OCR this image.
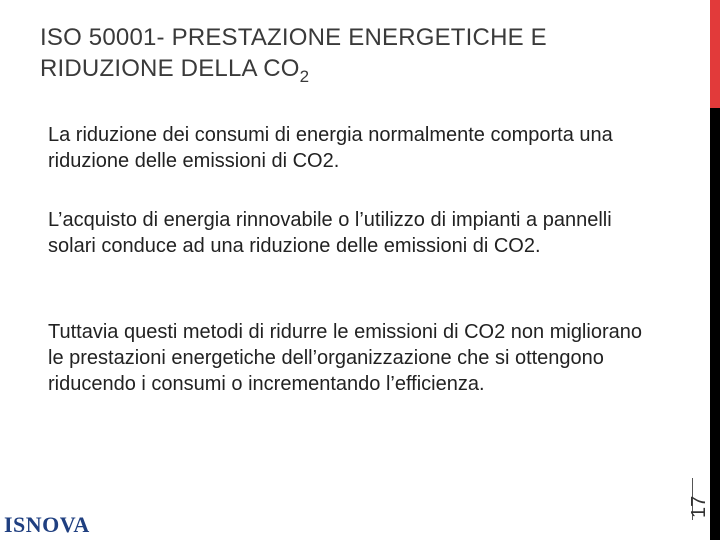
ISO 50001- PRESTAZIONE ENERGETICHE E RIDUZIONE DELLA $CO_2$

La riduzione dei consumi di energia normalmente comporta una riduzione delle emissioni di CO2.

L’acquisto di energia rinnovabile o l’utilizzo di impianti a pannelli solari conduce ad una riduzione delle emissioni di CO2.

Tuttavia questi metodi di ridurre le emissioni di CO2 non migliorano le prestazioni energetiche dell’organizzazione che si ottengono riducendo i consumi o incrementando l’efficienza.

17
ISNOVA
